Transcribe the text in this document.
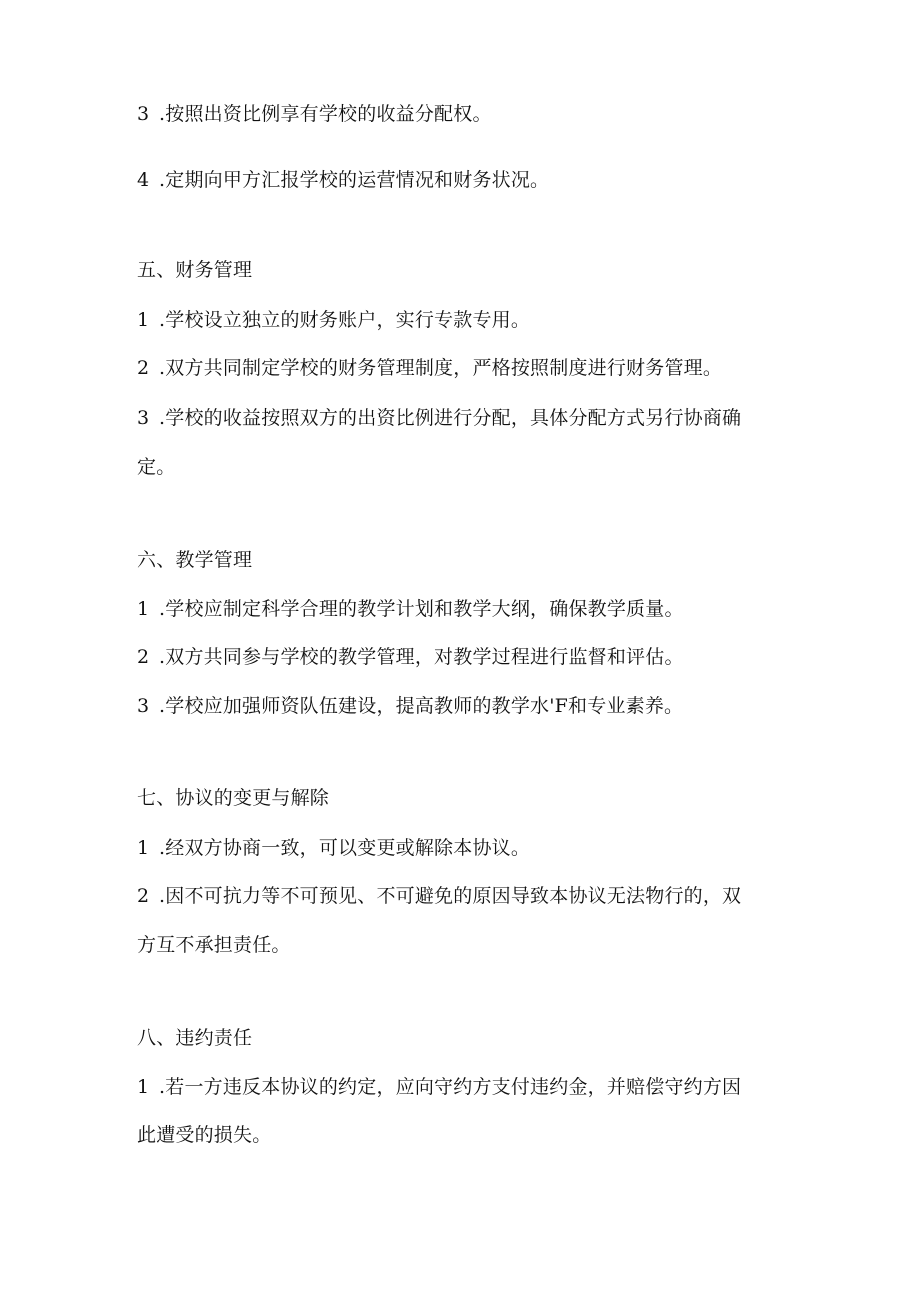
3 .按照出资比例享有学校的收益分配权。
4 .定期向甲方汇报学校的运营情况和财务状况。
五、财务管理
1 .学校设立独立的财务账户，实行专款专用。
2 .双方共同制定学校的财务管理制度，严格按照制度进行财务管理。
3 .学校的收益按照双方的出资比例进行分配，具体分配方式另行协商确
定。
六、教学管理
1 .学校应制定科学合理的教学计划和教学大纲，确保教学质量。
2 .双方共同参与学校的教学管理，对教学过程进行监督和评估。
3 .学校应加强师资队伍建设，提高教师的教学水'F和专业素养。
七、协议的变更与解除
1 .经双方协商一致，可以变更或解除本协议。
2 .因不可抗力等不可预见、不可避免的原因导致本协议无法物行的，双
方互不承担责任。
八、违约责任
1 .若一方违反本协议的约定，应向守约方支付违约金，并赔偿守约方因
此遭受的损失。
